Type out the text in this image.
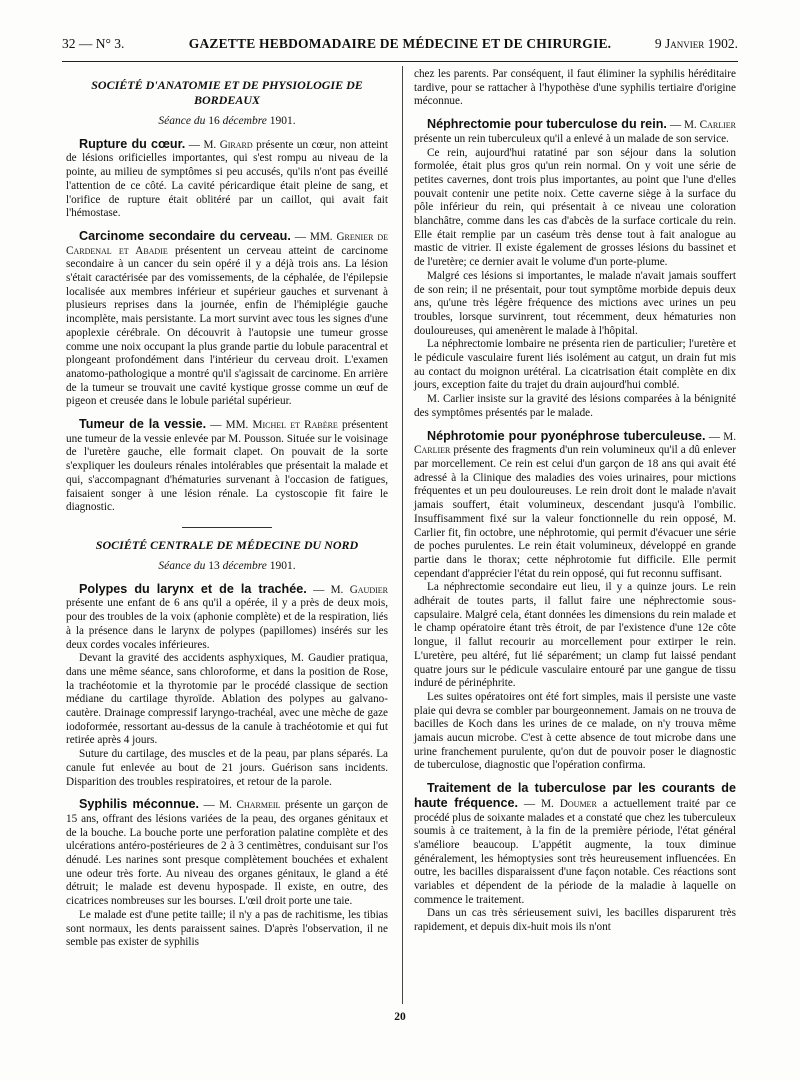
32 — N° 3.	GAZETTE HEBDOMADAIRE DE MÉDECINE ET DE CHIRURGIE.	9 Janvier 1902.
SOCIÉTÉ D'ANATOMIE ET DE PHYSIOLOGIE DE BORDEAUX
Séance du 16 décembre 1901.

Rupture du cœur. — M. Girard présente un cœur, non atteint de lésions orificielles importantes, qui s'est rompu au niveau de la pointe, au milieu de symptômes si peu accusés, qu'ils n'ont pas éveillé l'attention de ce côté. La cavité péricardique était pleine de sang, et l'orifice de rupture était oblitéré par un caillot, qui avait fait l'hémostase.

Carcinome secondaire du cerveau. — MM. Grenier de Cardenal et Abadie présentent un cerveau atteint de carcinome secondaire à un cancer du sein opéré il y a déjà trois ans. La lésion s'était caractérisée par des vomissements, de la céphalée, de l'épilepsie localisée aux membres inférieur et supérieur gauches et survenant à plusieurs reprises dans la journée, enfin de l'hémiplégie gauche incomplète, mais persistante. La mort survint avec tous les signes d'une apoplexie cérébrale. On découvrit à l'autopsie une tumeur grosse comme une noix occupant la plus grande partie du lobule paracentral et plongeant profondément dans l'intérieur du cerveau droit. L'examen anatomo-pathologique a montré qu'il s'agissait de carcinome. En arrière de la tumeur se trouvait une cavité kystique grosse comme un œuf de pigeon et creusée dans le lobule pariétal supérieur.

Tumeur de la vessie. — MM. Michel et Rabère présentent une tumeur de la vessie enlevée par M. Pousson. Située sur le voisinage de l'uretère gauche, elle formait clapet. On pouvait de la sorte s'expliquer les douleurs rénales intolérables que présentait la malade et qui, s'accompagnant d'hématuries survenant à l'occasion de fatigues, faisaient songer à une lésion rénale. La cystoscopie fit faire le diagnostic.

SOCIÉTÉ CENTRALE DE MÉDECINE DU NORD
Séance du 13 décembre 1901.

Polypes du larynx et de la trachée. — M. Gaudier présente une enfant de 6 ans qu'il a opérée, il y a près de deux mois, pour des troubles de la voix (aphonie complète) et de la respiration, liés à la présence dans le larynx de polypes (papillomes) insérés sur les deux cordes vocales inférieures.

Devant la gravité des accidents asphyxiques, M. Gaudier pratiqua, dans une même séance, sans chloroforme, et dans la position de Rose, la trachéotomie et la thyrotomie par le procédé classique de section médiane du cartilage thyroïde. Ablation des polypes au galvano-cautère. Drainage compressif laryngo-trachéal, avec une mèche de gaze iodoformée, ressortant au-dessus de la canule à trachéotomie et qui fut retirée après 4 jours.

Suture du cartilage, des muscles et de la peau, par plans séparés. La canule fut enlevée au bout de 21 jours. Guérison sans incidents. Disparition des troubles respiratoires, et retour de la parole.

Syphilis méconnue. — M. Charmeil présente un garçon de 15 ans, offrant des lésions variées de la peau, des organes génitaux et de la bouche. La bouche porte une perforation palatine complète et des ulcérations antéro-postérieures de 2 à 3 centimètres, conduisant sur l'os dénudé. Les narines sont presque complètement bouchées et exhalent une odeur très forte. Au niveau des organes génitaux, le gland a été détruit; le malade est devenu hypospade. Il existe, en outre, des cicatrices nombreuses sur les bourses. L'œil droit porte une taie.

Le malade est d'une petite taille; il n'y a pas de rachitisme, les tibias sont normaux, les dents paraissent saines. D'après l'observation, il ne semble pas exister de syphilis

chez les parents. Par conséquent, il faut éliminer la syphilis héréditaire tardive, pour se rattacher à l'hypothèse d'une syphilis tertiaire d'origine méconnue.

Néphrectomie pour tuberculose du rein. — M. Carlier présente un rein tuberculeux qu'il a enlevé à un malade de son service.

Ce rein, aujourd'hui ratatiné par son séjour dans la solution formolée, était plus gros qu'un rein normal. On y voit une série de petites cavernes, dont trois plus importantes, au point que l'une d'elles pouvait contenir une petite noix. Cette caverne siège à la surface du pôle inférieur du rein, qui présentait à ce niveau une coloration blanchâtre, comme dans les cas d'abcès de la surface corticale du rein. Elle était remplie par un caséum très dense tout à fait analogue au mastic de vitrier. Il existe également de grosses lésions du bassinet et de l'uretère; ce dernier avait le volume d'un porte-plume.

Malgré ces lésions si importantes, le malade n'avait jamais souffert de son rein; il ne présentait, pour tout symptôme morbide depuis deux ans, qu'une très légère fréquence des mictions avec urines un peu troubles, lorsque survinrent, tout récemment, deux hématuries non douloureuses, qui amenèrent le malade à l'hôpital.

La néphrectomie lombaire ne présenta rien de particulier; l'uretère et le pédicule vasculaire furent liés isolément au catgut, un drain fut mis au contact du moignon urétéral. La cicatrisation était complète en dix jours, exception faite du trajet du drain aujourd'hui comblé.

M. Carlier insiste sur la gravité des lésions comparées à la bénignité des symptômes présentés par le malade.

Néphrotomie pour pyonéphrose tuberculeuse. — M. Carlier présente des fragments d'un rein volumineux qu'il a dû enlever par morcellement. Ce rein est celui d'un garçon de 18 ans qui avait été adressé à la Clinique des maladies des voies urinaires, pour mictions fréquentes et un peu douloureuses. Le rein droit dont le malade n'avait jamais souffert, était volumineux, descendant jusqu'à l'ombilic. Insuffisamment fixé sur la valeur fonctionnelle du rein opposé, M. Carlier fit, fin octobre, une néphrotomie, qui permit d'évacuer une série de poches purulentes. Le rein était volumineux, développé en grande partie dans le thorax; cette néphrotomie fut difficile. Elle permit cependant d'apprécier l'état du rein opposé, qui fut reconnu suffisant.

La néphrectomie secondaire eut lieu, il y a quinze jours. Le rein adhérait de toutes parts, il fallut faire une néphrectomie sous-capsulaire. Malgré cela, étant données les dimensions du rein malade et le champ opératoire étant très étroit, de par l'existence d'une 12e côte longue, il fallut recourir au morcellement pour extirper le rein. L'uretère, peu altéré, fut lié séparément; un clamp fut laissé pendant quatre jours sur le pédicule vasculaire entouré par une gangue de tissu induré de périnéphrite.

Les suites opératoires ont été fort simples, mais il persiste une vaste plaie qui devra se combler par bourgeonnement. Jamais on ne trouva de bacilles de Koch dans les urines de ce malade, on n'y trouva même jamais aucun microbe. C'est à cette absence de tout microbe dans une urine franchement purulente, qu'on dut de pouvoir poser le diagnostic de tuberculose, diagnostic que l'opération confirma.

Traitement de la tuberculose par les courants de haute fréquence. — M. Doumer a actuellement traité par ce procédé plus de soixante malades et a constaté que chez les tuberculeux soumis à ce traitement, à la fin de la première période, l'état général s'améliore beaucoup. L'appétit augmente, la toux diminue généralement, les hémoptysies sont très heureusement influencées. En outre, les bacilles disparaissent d'une façon notable. Ces réactions sont variables et dépendent de la période de la maladie à laquelle on commence le traitement.

Dans un cas très sérieusement suivi, les bacilles disparurent très rapidement, et depuis dix-huit mois ils n'ont

20
